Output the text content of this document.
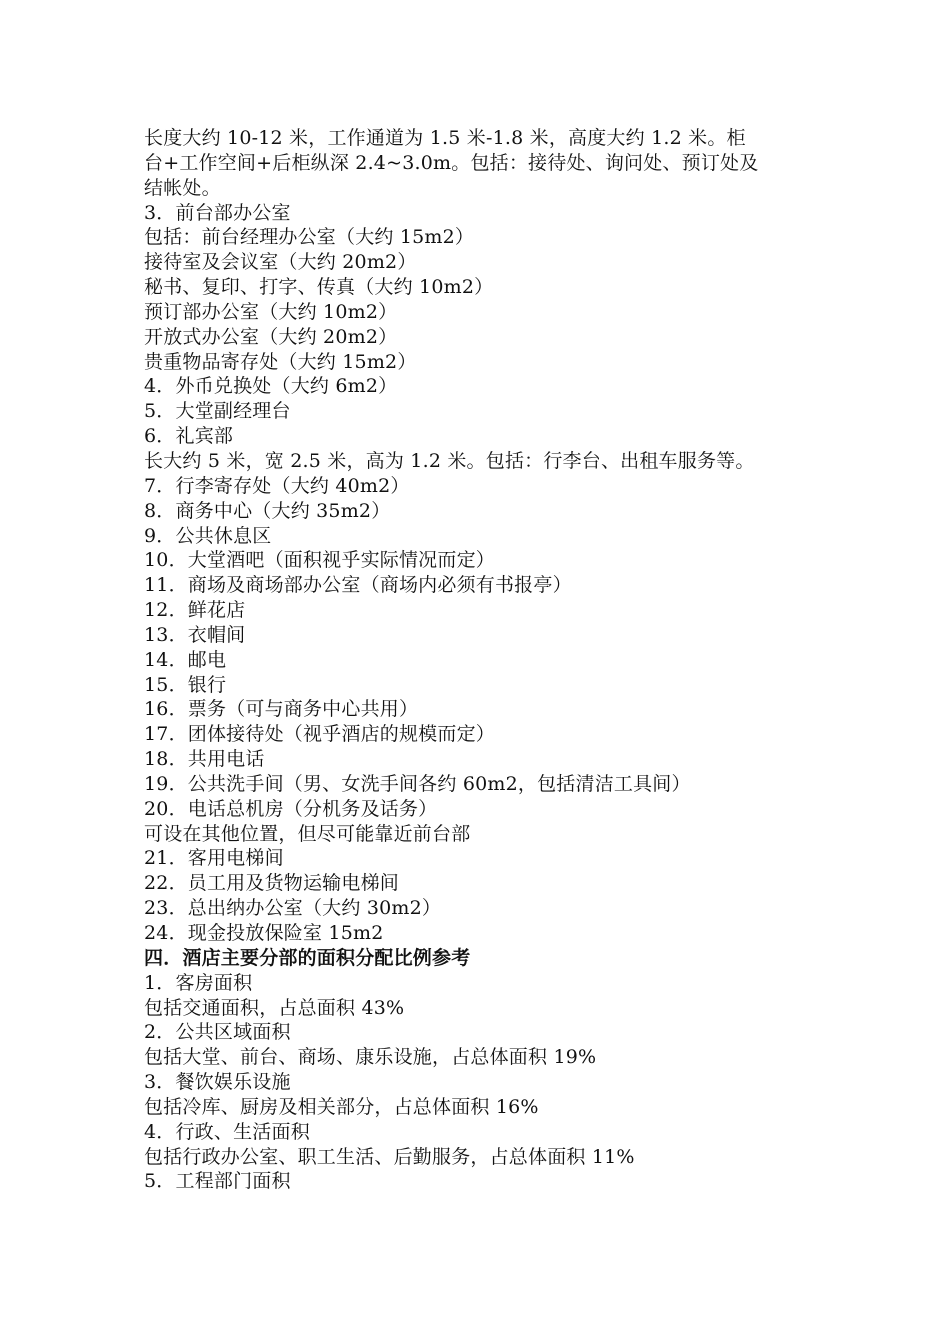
长度大约 10-12 米，工作通道为 1.5 米-1.8 米，高度大约 1.2 米。柜
台+工作空间+后柜纵深 2.4~3.0m。包括：接待处、询问处、预订处及
结帐处。
3．前台部办公室
包括：前台经理办公室（大约 15m2）
接待室及会议室（大约 20m2）
秘书、复印、打字、传真（大约 10m2）
预订部办公室（大约 10m2）
开放式办公室（大约 20m2）
贵重物品寄存处（大约 15m2）
4．外币兑换处（大约 6m2）
5．大堂副经理台
6．礼宾部
长大约 5 米，宽 2.5 米，高为 1.2 米。包括：行李台、出租车服务等。
7．行李寄存处（大约 40m2）
8．商务中心（大约 35m2）
9．公共休息区
10．大堂酒吧（面积视乎实际情况而定）
11．商场及商场部办公室（商场内必须有书报亭）
12．鲜花店
13．衣帽间
14．邮电
15．银行
16．票务（可与商务中心共用）
17．团体接待处（视乎酒店的规模而定）
18．共用电话
19．公共洗手间（男、女洗手间各约 60m2，包括清洁工具间）
20．电话总机房（分机务及话务）
可设在其他位置，但尽可能靠近前台部
21．客用电梯间
22．员工用及货物运输电梯间
23．总出纳办公室（大约 30m2）
24．现金投放保险室 15m2
四．酒店主要分部的面积分配比例参考
1．客房面积
包括交通面积，占总面积 43%
2．公共区域面积
包括大堂、前台、商场、康乐设施，占总体面积 19%
3．餐饮娱乐设施
包括冷库、厨房及相关部分，占总体面积 16%
4．行政、生活面积
包括行政办公室、职工生活、后勤服务，占总体面积 11%
5．工程部门面积
